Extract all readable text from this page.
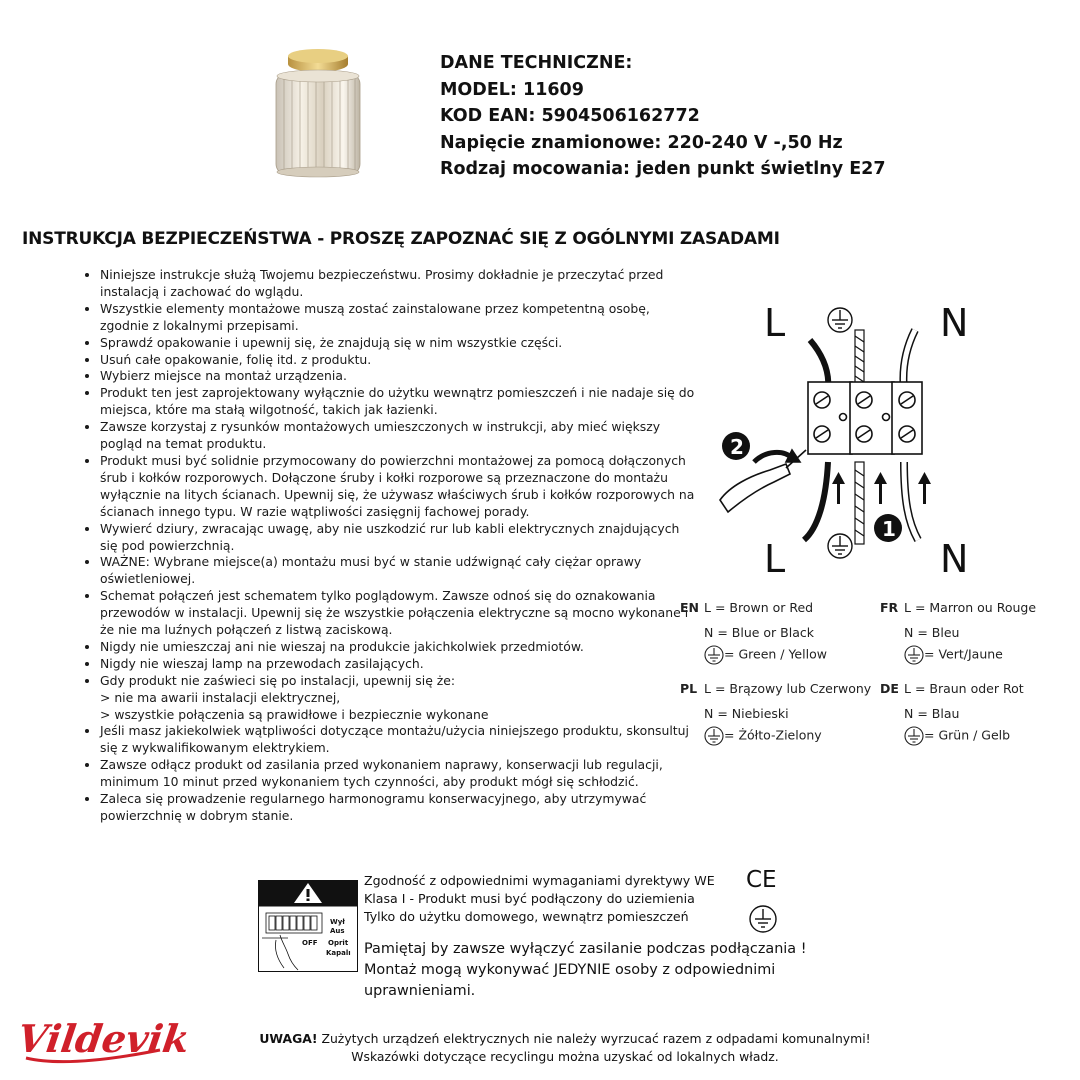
DANE TECHNICZNE:
MODEL: 11609
KOD EAN: 5904506162772
Napięcie znamionowe: 220-240 V -,50 Hz
Rodzaj mocowania: jeden punkt świetlny E27
INSTRUKCJA BEZPIECZEŃSTWA - PROSZĘ ZAPOZNAĆ SIĘ Z OGÓLNYMI ZASADAMI
• Niniejsze instrukcje służą Twojemu bezpieczeństwu. Prosimy dokładnie je przeczytać przed instalacją i zachować do wglądu.
• Wszystkie elementy montażowe muszą zostać zainstalowane przez kompetentną osobę, zgodnie z lokalnymi przepisami.
• Sprawdź opakowanie i upewnij się, że znajdują się w nim wszystkie części.
• Usuń całe opakowanie, folię itd. z produktu.
• Wybierz miejsce na montaż urządzenia.
• Produkt ten jest zaprojektowany wyłącznie do użytku wewnątrz pomieszczeń i nie nadaje się do miejsca, które ma stałą wilgotność, takich jak łazienki.
• Zawsze korzystaj z rysunków montażowych umieszczonych w instrukcji, aby mieć większy pogląd na temat produktu.
• Produkt musi być solidnie przymocowany do powierzchni montażowej za pomocą dołączonych śrub i kołków rozporowych. Dołączone śruby i kołki rozporowe są przeznaczone do montażu wyłącznie na litych ścianach. Upewnij się, że używasz właściwych śrub i kołków rozporowych na ścianach innego typu. W razie wątpliwości zasięgnij fachowej porady.
• Wywierć dziury, zwracając uwagę, aby nie uszkodzić rur lub kabli elektrycznych znajdujących się pod powierzchnią.
• WAŻNE: Wybrane miejsce(a) montażu musi być w stanie udźwignąć cały ciężar oprawy oświetleniowej.
• Schemat połączeń jest schematem tylko poglądowym. Zawsze odnoś się do oznakowania przewodów w instalacji. Upewnij się że wszystkie połączenia elektryczne są mocno wykonane i że nie ma luźnych połączeń z listwą zaciskową.
• Nigdy nie umieszczaj ani nie wieszaj na produkcie jakichkolwiek przedmiotów.
• Nigdy nie wieszaj lamp na przewodach zasilających.
• Gdy produkt nie zaświeci się po instalacji, upewnij się że:
> nie ma awarii instalacji elektrycznej,
> wszystkie połączenia są prawidłowe i bezpiecznie wykonane
• Jeśli masz jakiekolwiek wątpliwości dotyczące montażu/użycia niniejszego produktu, skonsultuj się z wykwalifikowanym elektrykiem.
• Zawsze odłącz produkt od zasilania przed wykonaniem naprawy, konserwacji lub regulacji, minimum 10 minut przed wykonaniem tych czynności, aby produkt mógł się schłodzić.
• Zaleca się prowadzenie regularnego harmonogramu konserwacyjnego, aby utrzymywać powierzchnię w dobrym stanie.
L	N
L	N
1
2
EN L = Brown or Red
N = Blue or Black
= Green / Yellow
FR L = Marron ou Rouge
N = Bleu
= Vert/Jaune
PL L = Brązowy lub Czerwony
N = Niebieski
= Żółto-Zielony
DE L = Braun oder Rot
N = Blau
= Grün / Gelb
Wył
Aus
OFF Oprit
Kapalı
Zgodność z odpowiednimi wymaganiami dyrektywy WE
Klasa I - Produkt musi być podłączony do uziemienia
Tylko do użytku domowego, wewnątrz pomieszczeń
CE
Pamiętaj by zawsze wyłączyć zasilanie podczas podłączania !
Montaż mogą wykonywać JEDYNIE osoby z odpowiednimi
uprawnieniami.
Vildevik	UWAGA! Zużytych urządzeń elektrycznych nie należy wyrzucać razem z odpadami komunalnymi!
Wskazówki dotyczące recyclingu można uzyskać od lokalnych władz.
